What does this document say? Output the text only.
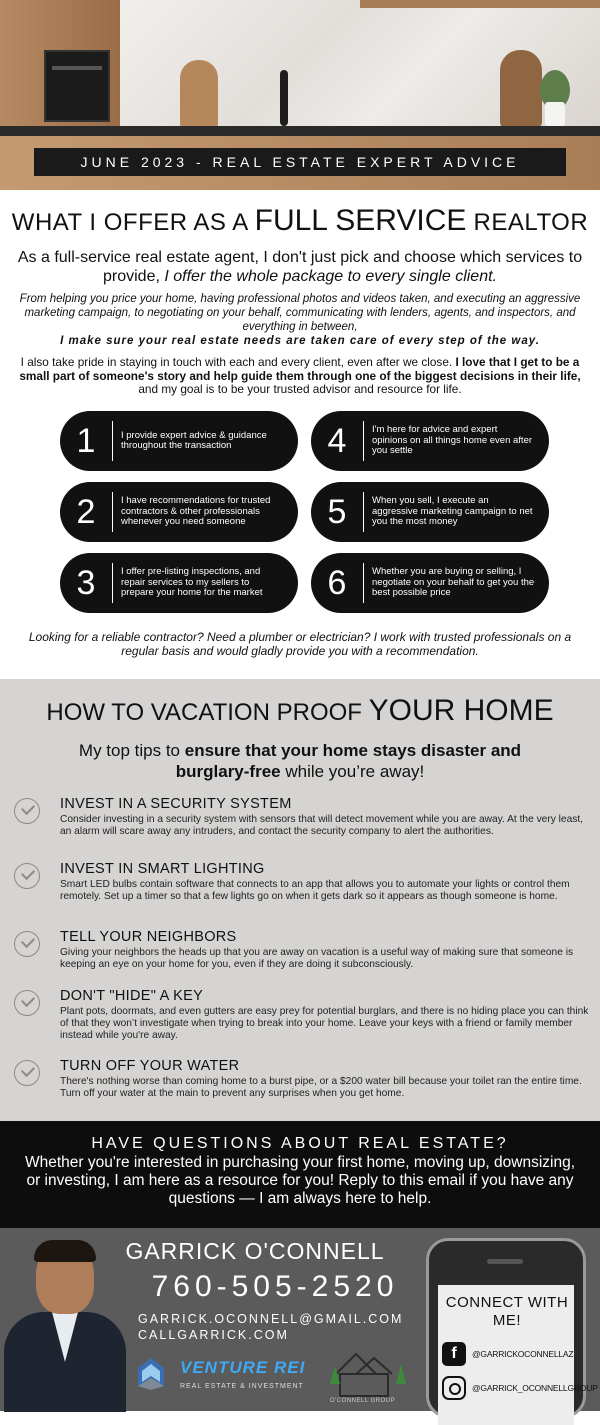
JUNE 2023 - REAL ESTATE EXPERT ADVICE
WHAT I OFFER AS A FULL SERVICE REALTOR
As a full-service real estate agent, I don't just pick and choose which services to provide, I offer the whole package to every single client.
From helping you price your home, having professional photos and videos taken, and executing an aggressive marketing campaign, to negotiating on your behalf, communicating with lenders, agents, and inspectors, and everything in between,
I make sure your real estate needs are taken care of every step of the way.
I also take pride in staying in touch with each and every client, even after we close. I love that I get to be a small part of someone's story and help guide them through one of the biggest decisions in their life, and my goal is to be your trusted advisor and resource for life.
1	I provide expert advice & guidance throughout the transaction
2	I have recommendations for trusted contractors & other professionals whenever you need someone
3	I offer pre-listing inspections, and repair services to my sellers to prepare your home for the market
4	I'm here for advice and expert opinions on all things home even after you settle
5	When you sell, I execute an aggressive marketing campaign to net you the most money
6	Whether you are buying or selling, I negotiate on your behalf to get you the best possible price
Looking for a reliable contractor? Need a plumber or electrician? I work with trusted professionals on a regular basis and would gladly provide you with a recommendation.
HOW TO VACATION PROOF YOUR HOME
My top tips to ensure that your home stays disaster and burglary-free while you’re away!
INVEST IN A SECURITY SYSTEM
Consider investing in a security system with sensors that will detect movement while you are away. At the very least, an alarm will scare away any intruders, and contact the security company to alert the authorities.
INVEST IN SMART LIGHTING
Smart LED bulbs contain software that connects to an app that allows you to automate your lights or control them remotely. Set up a timer so that a few lights go on when it gets dark so it appears as though someone is home.
TELL YOUR NEIGHBORS
Giving your neighbors the heads up that you are away on vacation is a useful way of making sure that someone is keeping an eye on your home for you, even if they are doing it subconsciously.
DON'T "HIDE" A KEY
Plant pots, doormats, and even gutters are easy prey for potential burglars, and there is no hiding place you can think of that they won’t investigate when trying to break into your home. Leave your keys with a friend or family member instead while you're away.
TURN OFF YOUR WATER
There's nothing worse than coming home to a burst pipe, or a $200 water bill because your toilet ran the entire time. Turn off your water at the main to prevent any surprises when you get home.
HAVE QUESTIONS ABOUT REAL ESTATE?
Whether you're interested in purchasing your first home, moving up, downsizing, or investing, I am here as a resource for you! Reply to this email if you have any questions — I am always here to help.
GARRICK O'CONNELL
760-505-2520
GARRICK.OCONNELL@GMAIL.COM
CALLGARRICK.COM
VENTURE REI
REAL ESTATE & INVESTMENT
O'CONNELL GROUP
CONNECT WITH ME!
f	@GARRICKOCONNELLAZ
@GARRICK_OCONNELLGROUP
